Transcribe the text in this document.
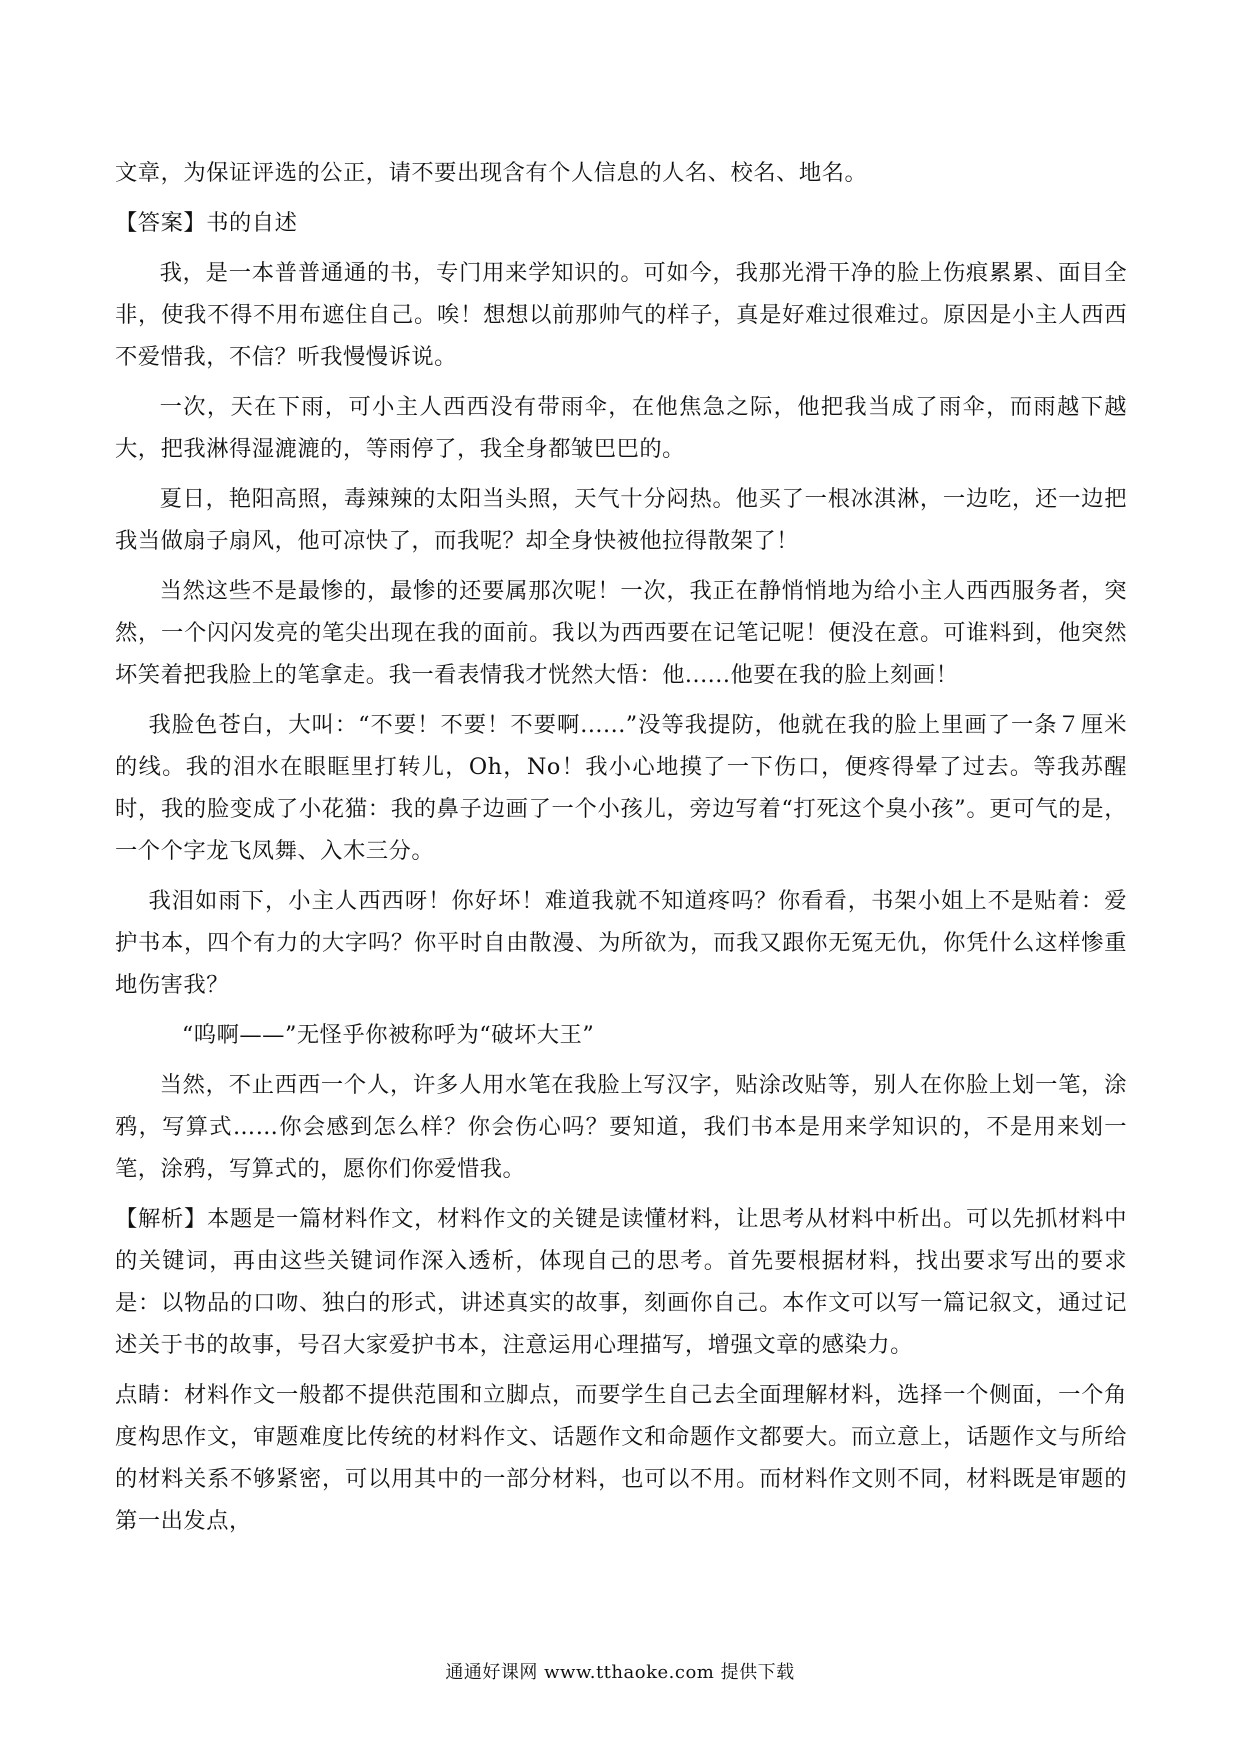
文章，为保证评选的公正，请不要出现含有个人信息的人名、校名、地名。

【答案】书的自述

我，是一本普普通通的书，专门用来学知识的。可如今，我那光滑干净的脸上伤痕累累、面目全非，使我不得不用布遮住自己。唉！想想以前那帅气的样子，真是好难过很难过。原因是小主人西西不爱惜我，不信？听我慢慢诉说。

一次，天在下雨，可小主人西西没有带雨伞，在他焦急之际，他把我当成了雨伞，而雨越下越大，把我淋得湿漉漉的，等雨停了，我全身都皱巴巴的。

夏日，艳阳高照，毒辣辣的太阳当头照，天气十分闷热。他买了一根冰淇淋，一边吃，还一边把我当做扇子扇风，他可凉快了，而我呢？却全身快被他拉得散架了！

当然这些不是最惨的，最惨的还要属那次呢！一次，我正在静悄悄地为给小主人西西服务者，突然，一个闪闪发亮的笔尖出现在我的面前。我以为西西要在记笔记呢！便没在意。可谁料到，他突然坏笑着把我脸上的笔拿走。我一看表情我才恍然大悟：他......他要在我的脸上刻画！

我脸色苍白，大叫：“不要！不要！不要啊......”没等我提防，他就在我的脸上里画了一条７厘米的线。我的泪水在眼眶里打转儿，Oh，No！我小心地摸了一下伤口，便疼得晕了过去。等我苏醒时，我的脸变成了小花猫：我的鼻子边画了一个小孩儿，旁边写着“打死这个臭小孩”。更可气的是，一个个字龙飞凤舞、入木三分。

我泪如雨下，小主人西西呀！你好坏！难道我就不知道疼吗？你看看，书架小姐上不是贴着：爱护书本，四个有力的大字吗？你平时自由散漫、为所欲为，而我又跟你无冤无仇，你凭什么这样惨重地伤害我？

“呜啊——”无怪乎你被称呼为“破坏大王”

当然，不止西西一个人，许多人用水笔在我脸上写汉字，贴涂改贴等，别人在你脸上划一笔，涂鸦，写算式……你会感到怎么样？你会伤心吗？要知道，我们书本是用来学知识的，不是用来划一笔，涂鸦，写算式的，愿你们你爱惜我。

【解析】本题是一篇材料作文，材料作文的关键是读懂材料，让思考从材料中析出。可以先抓材料中的关键词，再由这些关键词作深入透析，体现自己的思考。首先要根据材料，找出要求写出的要求是：以物品的口吻、独白的形式，讲述真实的故事，刻画你自己。本作文可以写一篇记叙文，通过记述关于书的故事，号召大家爱护书本，注意运用心理描写，增强文章的感染力。

点睛：材料作文一般都不提供范围和立脚点，而要学生自己去全面理解材料，选择一个侧面，一个角度构思作文，审题难度比传统的材料作文、话题作文和命题作文都要大。而立意上，话题作文与所给的材料关系不够紧密，可以用其中的一部分材料，也可以不用。而材料作文则不同，材料既是审题的第一出发点，

通通好课网 www.tthaoke.com 提供下载
